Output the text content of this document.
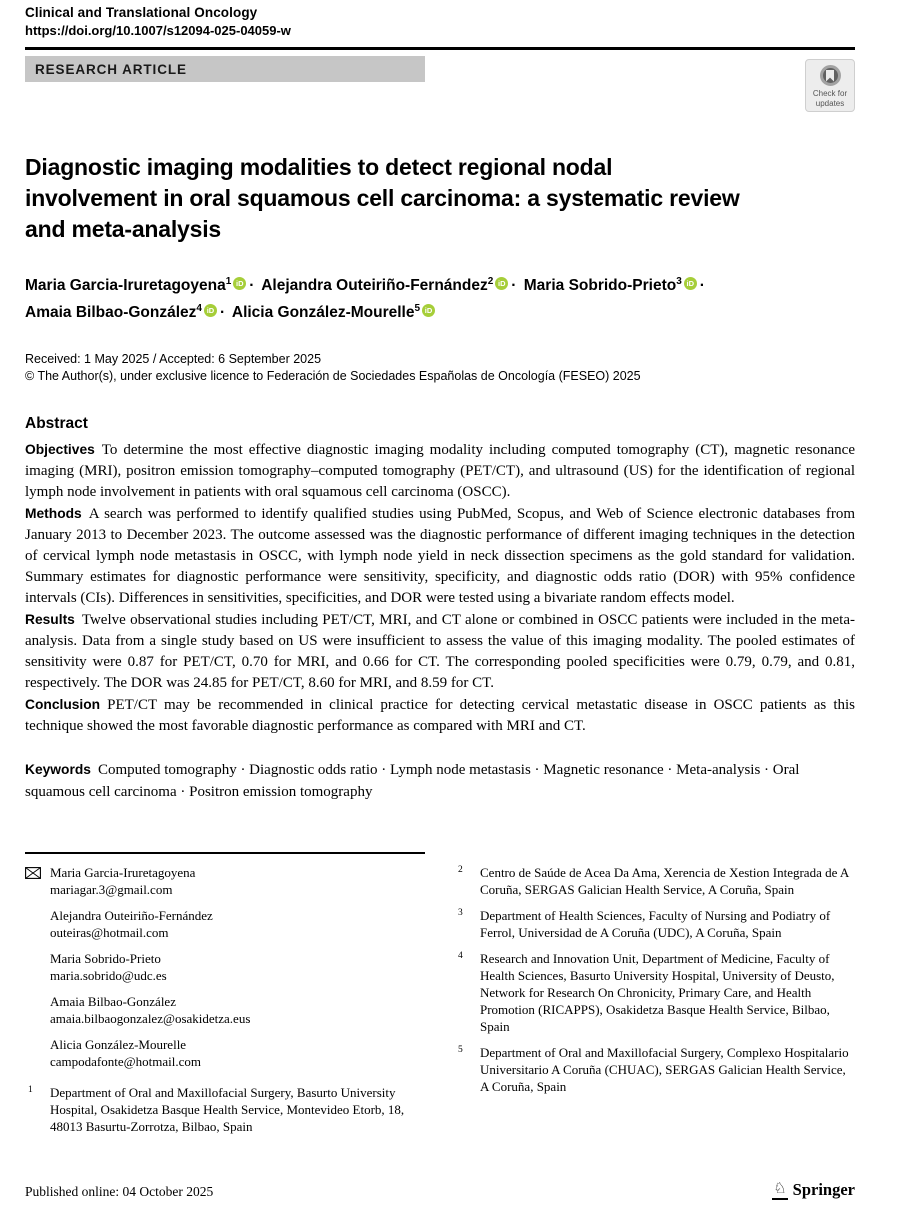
Clinical and Translational Oncology
https://doi.org/10.1007/s12094-025-04059-w
RESEARCH ARTICLE
Check for
updates
Diagnostic imaging modalities to detect regional nodal
involvement in oral squamous cell carcinoma: a systematic review
and meta-analysis
Maria Garcia-Iruretagoyena$^1$ iD · Alejandra Outeiriño-Fernández$^2$ iD · Maria Sobrido-Prieto$^3$ iD · Amaia Bilbao-González$^4$ iD · Alicia González-Mourelle$^5$ iD
Received: 1 May 2025 / Accepted: 6 September 2025
© The Author(s), under exclusive licence to Federación de Sociedades Españolas de Oncología (FESEO) 2025
Abstract

Objectives To determine the most effective diagnostic imaging modality including computed tomography (CT), magnetic resonance imaging (MRI), positron emission tomography–computed tomography (PET/CT), and ultrasound (US) for the identification of regional lymph node involvement in patients with oral squamous cell carcinoma (OSCC).

Methods A search was performed to identify qualified studies using PubMed, Scopus, and Web of Science electronic databases from January 2013 to December 2023. The outcome assessed was the diagnostic performance of different imaging techniques in the detection of cervical lymph node metastasis in OSCC, with lymph node yield in neck dissection specimens as the gold standard for validation. Summary estimates for diagnostic performance were sensitivity, specificity, and diagnostic odds ratio (DOR) with 95% confidence intervals (CIs). Differences in sensitivities, specificities, and DOR were tested using a bivariate random effects model.

Results Twelve observational studies including PET/CT, MRI, and CT alone or combined in OSCC patients were included in the meta-analysis. Data from a single study based on US were insufficient to assess the value of this imaging modality. The pooled estimates of sensitivity were 0.87 for PET/CT, 0.70 for MRI, and 0.66 for CT. The corresponding pooled specificities were 0.79, 0.79, and 0.81, respectively. The DOR was 24.85 for PET/CT, 8.60 for MRI, and 8.59 for CT.

Conclusion PET/CT may be recommended in clinical practice for detecting cervical metastatic disease in OSCC patients as this technique showed the most favorable diagnostic performance as compared with MRI and CT.

Keywords Computed tomography · Diagnostic odds ratio · Lymph node metastasis · Magnetic resonance · Meta-analysis · Oral squamous cell carcinoma · Positron emission tomography
Maria Garcia-Iruretagoyena
mariagar.3@gmail.com
Alejandra Outeiriño-Fernández
outeiras@hotmail.com
Maria Sobrido-Prieto
maria.sobrido@udc.es
Amaia Bilbao-González
amaia.bilbaogonzalez@osakidetza.eus
Alicia González-Mourelle
campodafonte@hotmail.com
1 Department of Oral and Maxillofacial Surgery, Basurto University Hospital, Osakidetza Basque Health Service, Montevideo Etorb, 18, 48013 Basurtu-Zorrotza, Bilbao, Spain
2 Centro de Saúde de Acea Da Ama, Xerencia de Xestion Integrada de A Coruña, SERGAS Galician Health Service, A Coruña, Spain
3 Department of Health Sciences, Faculty of Nursing and Podiatry of Ferrol, Universidad de A Coruña (UDC), A Coruña, Spain
4 Research and Innovation Unit, Department of Medicine, Faculty of Health Sciences, Basurto University Hospital, University of Deusto, Network for Research On Chronicity, Primary Care, and Health Promotion (RICAPPS), Osakidetza Basque Health Service, Bilbao, Spain
5 Department of Oral and Maxillofacial Surgery, Complexo Hospitalario Universitario A Coruña (CHUAC), SERGAS Galician Health Service, A Coruña, Spain
Published online: 04 October 2025	♘ Springer
